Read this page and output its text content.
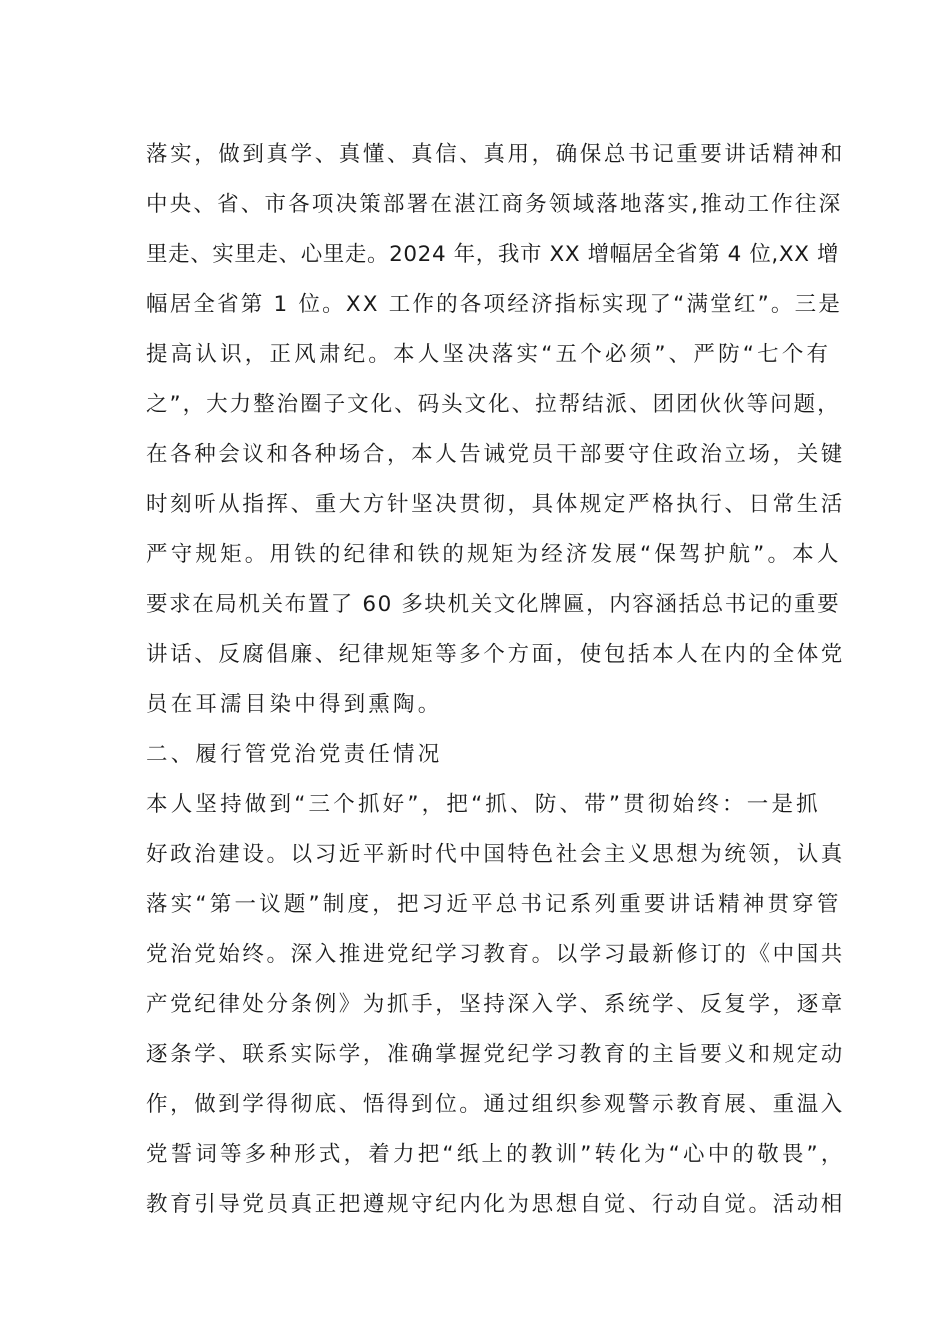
落实，做到真学、真懂、真信、真用，确保总书记重要讲话精神和
中央、省、市各项决策部署在湛江商务领域落地落实,推动工作往深
里走、实里走、心里走。2024 年，我市 XX 增幅居全省第 4 位,XX 增
幅居全省第 1 位。XX 工作的各项经济指标实现了“满堂红”。三是
提高认识，正风肃纪。本人坚决落实“五个必须”、严防“七个有
之”，大力整治圈子文化、码头文化、拉帮结派、团团伙伙等问题，
在各种会议和各种场合，本人告诫党员干部要守住政治立场，关键
时刻听从指挥、重大方针坚决贯彻，具体规定严格执行、日常生活
严守规矩。用铁的纪律和铁的规矩为经济发展“保驾护航”。本人
要求在局机关布置了 60 多块机关文化牌匾，内容涵括总书记的重要
讲话、反腐倡廉、纪律规矩等多个方面，使包括本人在内的全体党
员在耳濡目染中得到熏陶。
二、履行管党治党责任情况
本人坚持做到“三个抓好”，把“抓、防、带”贯彻始终：一是抓
好政治建设。以习近平新时代中国特色社会主义思想为统领，认真
落实“第一议题”制度，把习近平总书记系列重要讲话精神贯穿管
党治党始终。深入推进党纪学习教育。以学习最新修订的《中国共
产党纪律处分条例》为抓手，坚持深入学、系统学、反复学，逐章
逐条学、联系实际学，准确掌握党纪学习教育的主旨要义和规定动
作，做到学得彻底、悟得到位。通过组织参观警示教育展、重温入
党誓词等多种形式，着力把“纸上的教训”转化为“心中的敬畏”，
教育引导党员真正把遵规守纪内化为思想自觉、行动自觉。活动相
